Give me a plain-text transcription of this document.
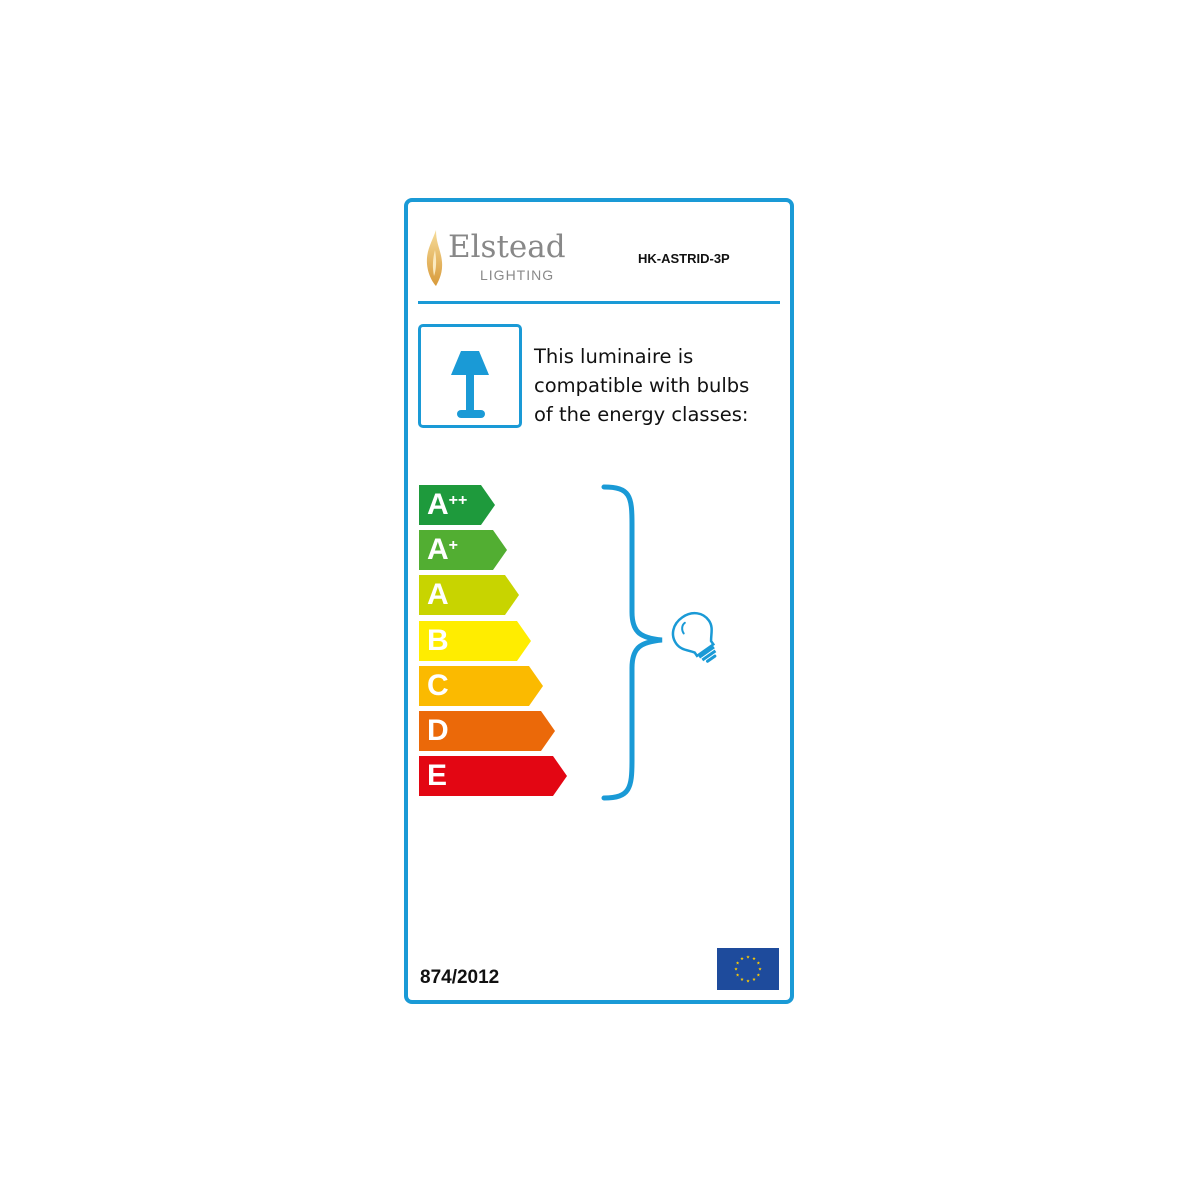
Elstead
LIGHTING
HK-ASTRID-3P
This luminaire is
compatible with bulbs
of the energy classes:
A++
A+
A
B
C
D
E
874/2012
